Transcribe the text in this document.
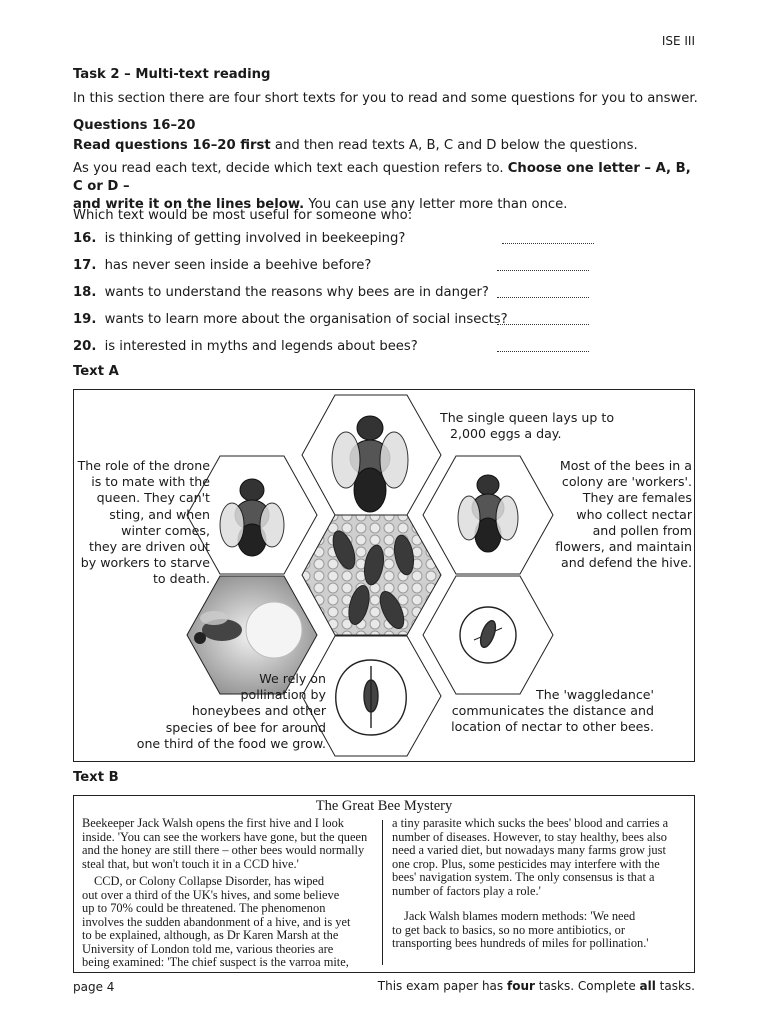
ISE III
Task 2 – Multi-text reading
In this section there are four short texts for you to read and some questions for you to answer.
Questions 16–20
Read questions 16–20 first and then read texts A, B, C and D below the questions.
As you read each text, decide which text each question refers to. Choose one letter – A, B, C or D –
and write it on the lines below. You can use any letter more than once.
Which text would be most useful for someone who:
16. is thinking of getting involved in beekeeping?
17. has never seen inside a beehive before?
18. wants to understand the reasons why bees are in danger?
19. wants to learn more about the organisation of social insects?
20. is interested in myths and legends about bees?
Text A
The single queen lays up to
2,000 eggs a day.
The role of the drone
is to mate with the
queen. They can't
sting, and when
winter comes,
they are driven out
by workers to starve
to death.
Most of the bees in a
colony are 'workers'.
They are females
who collect nectar
and pollen from
flowers, and maintain
and defend the hive.
We rely on
pollination by
honeybees and other
species of bee for around
one third of the food we grow.
The 'waggledance'
communicates the distance and
location of nectar to other bees.
Text B
The Great Bee Mystery

Beekeeper Jack Walsh opens the first hive and I look

inside. 'You can see the workers have gone, but the queen

and the honey are still there – other bees would normally

steal that, but won't touch it in a CCD hive.'

CCD, or Colony Collapse Disorder, has wiped

out over a third of the UK's hives, and some believe

up to 70% could be threatened. The phenomenon

involves the sudden abandonment of a hive, and is yet

to be explained, although, as Dr Karen Marsh at the

University of London told me, various theories are

being examined: 'The chief suspect is the varroa mite,

a tiny parasite which sucks the bees' blood and carries a

number of diseases. However, to stay healthy, bees also

need a varied diet, but nowadays many farms grow just

one crop. Plus, some pesticides may interfere with the

bees' navigation system. The only consensus is that a

number of factors play a role.'

Jack Walsh blames modern methods: 'We need

to get back to basics, so no more antibiotics, or

transporting bees hundreds of miles for pollination.'

page 4	This exam paper has four tasks. Complete all tasks.
